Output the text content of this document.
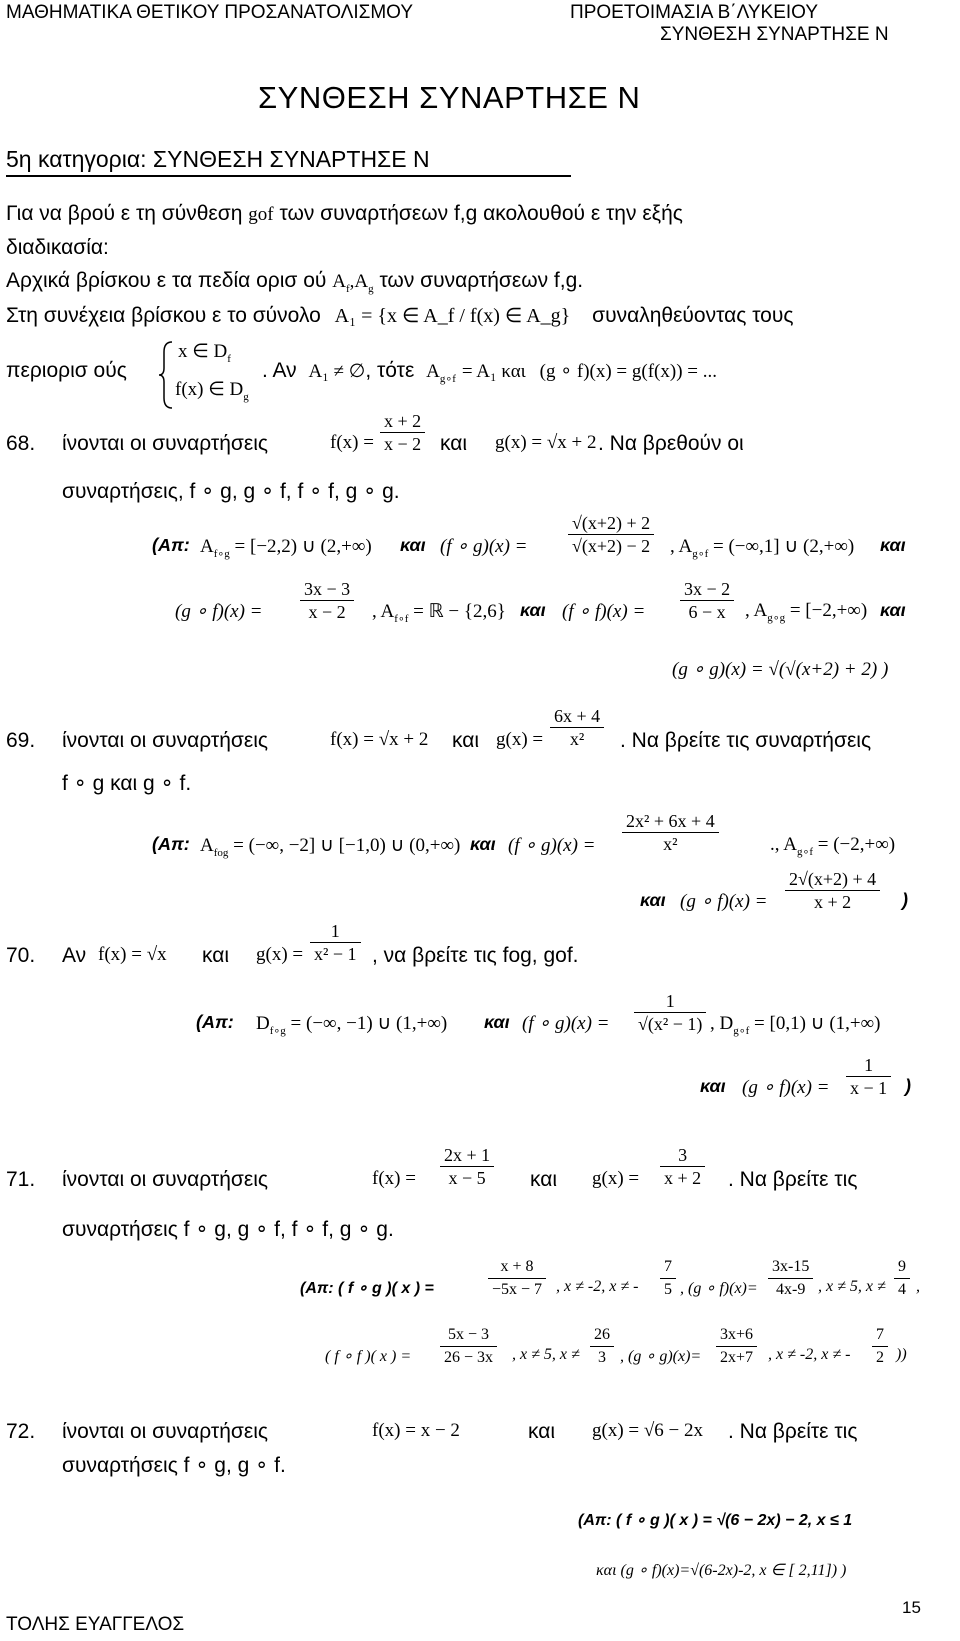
ΜΑΘΗΜΑΤΙΚΑ ΘΕΤΙΚΟΥ ΠΡΟΣΑΝΑΤΟΛΙΣΜΟΥ	ΠΡΟΕΤΟΙΜΑΣΙΑ Β΄ΛΥΚΕΙΟΥ
ΣΥΝΘΕΣΗ ΣΥΝΑΡΤΗΣΕ Ν
ΣΥΝΘΕΣΗ ΣΥΝΑΡΤΗΣΕ Ν
5η κατηγορια: ΣΥΝΘΕΣΗ ΣΥΝΑΡΤΗΣΕ Ν
Για να βρού ε τη σύνθεση gof των συναρτήσεων f,g ακολουθού ε την εξής
διαδικασία:
Αρχικά βρίσκου ε τα πεδία ορισ ού $A_f,A_g$ των συναρτήσεων f,g.
Στη συνέχεια βρίσκου ε το σύνολο A₁ = {x ∈ A_f / f(x) ∈ A_g} συναληθεύοντας τους
περιορισ ούς
x ∈ $D_f$
f(x) ∈ $D_g$
. Αν A₁ ≠ ∅, τότε $A_{g\circ f} = A_1$ και (g ∘ f)(x) = g(f(x)) = ...
68. ίνονται οι συναρτήσεις	$f(x) = \frac{x + 2}{x - 2}$ και g(x) = √x + 2 . Να βρεθούν οι
συναρτήσεις, f ∘ g, g ∘ f, f ∘ f, g ∘ g.
(Απ: $A_{f\circ g} = [-2,2)$ ∪ (2,+∞) και (f ∘ $g)(x) = \frac{√(x+2) + 2}{√(x+2) - 2}$ , $A_{g\circ f} = (-\infty,1]$ ∪ (2,+∞) και
(g ∘ $f)(x) = \frac{3x - 3}{x - 2}$ , $A_{f\circ f}$ = ℝ − {2,6} και (f ∘ $f)(x) = \frac{3x - 2}{6 - x}$ , $A_{g\circ g} = [-2,+\infty)$ και
(g ∘ g)(x) = √(√(x+2) + 2) )
69. ίνονται οι συναρτήσεις	f(x) = √x + 2 και $g(x) = \frac{6x + 4}{\text{x²}}$ . Να βρείτε τις συναρτήσεις
f ∘ g και g ∘ f.
(Απ: $A_{fog}$ = (−∞, −2] ∪ [−1,0) ∪ (0,+∞) και (f ∘ $g)(x) = \frac{\text{2x² + 6x + 4}}{\text{x²}}$	., $A_{g\circ f} = (-2,+\infty)$
και (g ∘ $f)(x) = \frac{2√(x+2) + 4}{x + 2}$ )
70. Αν f(x) = √x και $g(x) = \frac{1}{\text{x² − 1}}$ , να βρείτε τις fog, gof.
(Απ: $D_{f\circ g}$ = (−∞, −1) ∪ (1,+∞) και (f ∘ $g)(x) = \frac{1}{\text{√(x² − 1)}}$ , $D_{g\circ f} = [0,1)$ ∪ (1,+∞)
και (g ∘ $f)(x) = \frac{1}{x - 1}$ )
71. ίνονται οι συναρτήσεις	$f(x) = \frac{2x + 1}{x - 5}$ και $g(x) = \frac{3}{x + 2}$ . Να βρείτε τις
συναρτήσεις f ∘ g, g ∘ f, f ∘ f, g ∘ g.
(Απ: ( f ∘ g )( x ) =	$\frac{x + 8}{-5x - 7}$ , x ≠ -2, x ≠ - $\frac{7}{5}$ , (g ∘ $f)(x)= \frac{3x-15}{4x-9}$ , x ≠ 5, $x \ne \frac{9}{4}$ ,
( f ∘ f )( x ) = $\frac{5x - 3}{26 - 3x}$ , x ≠ 5, $x \ne \frac{26}{3}$ , (g ∘ $g)(x)= \frac{3x+6}{2x+7}$ , x ≠ -2, x ≠ - $\frac{7}{2}$ ))
72. ίνονται οι συναρτήσεις	f(x) = x − 2	και g(x) = √6 − 2x . Να βρείτε τις
συναρτήσεις f ∘ g, g ∘ f.
(Απ: ( f ∘ g )( x ) = √(6 − 2x) − 2, x ≤ 1
και (g ∘ f)(x)=√(6-2x)-2, x ∈ [ 2,11]) )
15
ΤΟΛΗΣ ΕΥΑΓΓΕΛΟΣ
